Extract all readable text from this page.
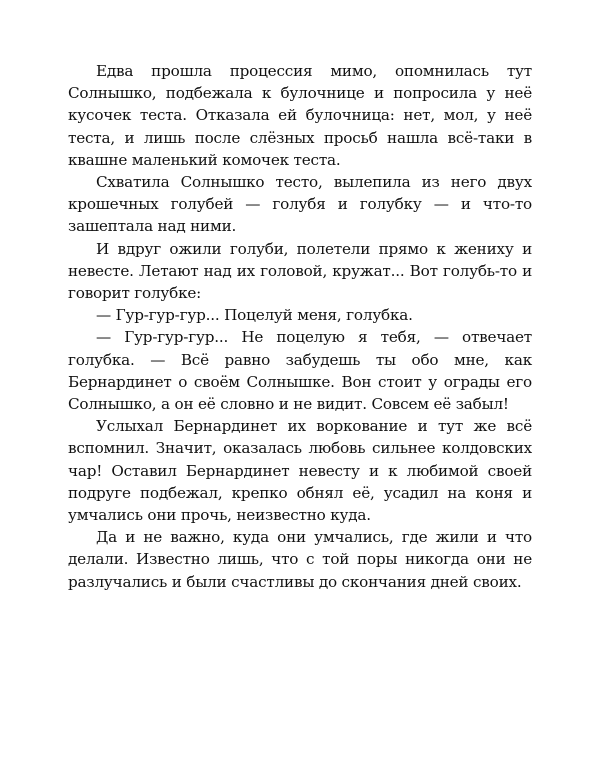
Едва прошла процессия мимо, опомнилась тут Солнышко, подбежала к булочнице и попросила у неё кусочек теста. Отказала ей булочница: нет, мол, у неё теста, и лишь после слёзных просьб нашла всё-таки в квашне маленький комочек теста.

Схватила Солнышко тесто, вылепила из него двух крошечных голубей — голубя и голубку — и что-то зашептала над ними.

И вдруг ожили голуби, полетели прямо к жениху и невесте. Летают над их головой, кружат... Вот голубь-то и говорит голубке:

— Гур-гур-гур... Поцелуй меня, голубка.

— Гур-гур-гур... Не поцелую я тебя, — отвечает голубка. — Всё равно забудешь ты обо мне, как Бернардинет о своём Солнышке. Вон стоит у ограды его Солнышко, а он её словно и не видит. Совсем её забыл!

Услыхал Бернардинет их воркование и тут же всё вспомнил. Значит, оказалась любовь сильнее колдовских чар! Оставил Бернардинет невесту и к любимой своей подруге подбежал, крепко обнял её, усадил на коня и умчались они прочь, неизвестно куда.

Да и не важно, куда они умчались, где жили и что делали. Известно лишь, что с той поры никогда они не разлучались и были счастливы до скончания дней своих.
